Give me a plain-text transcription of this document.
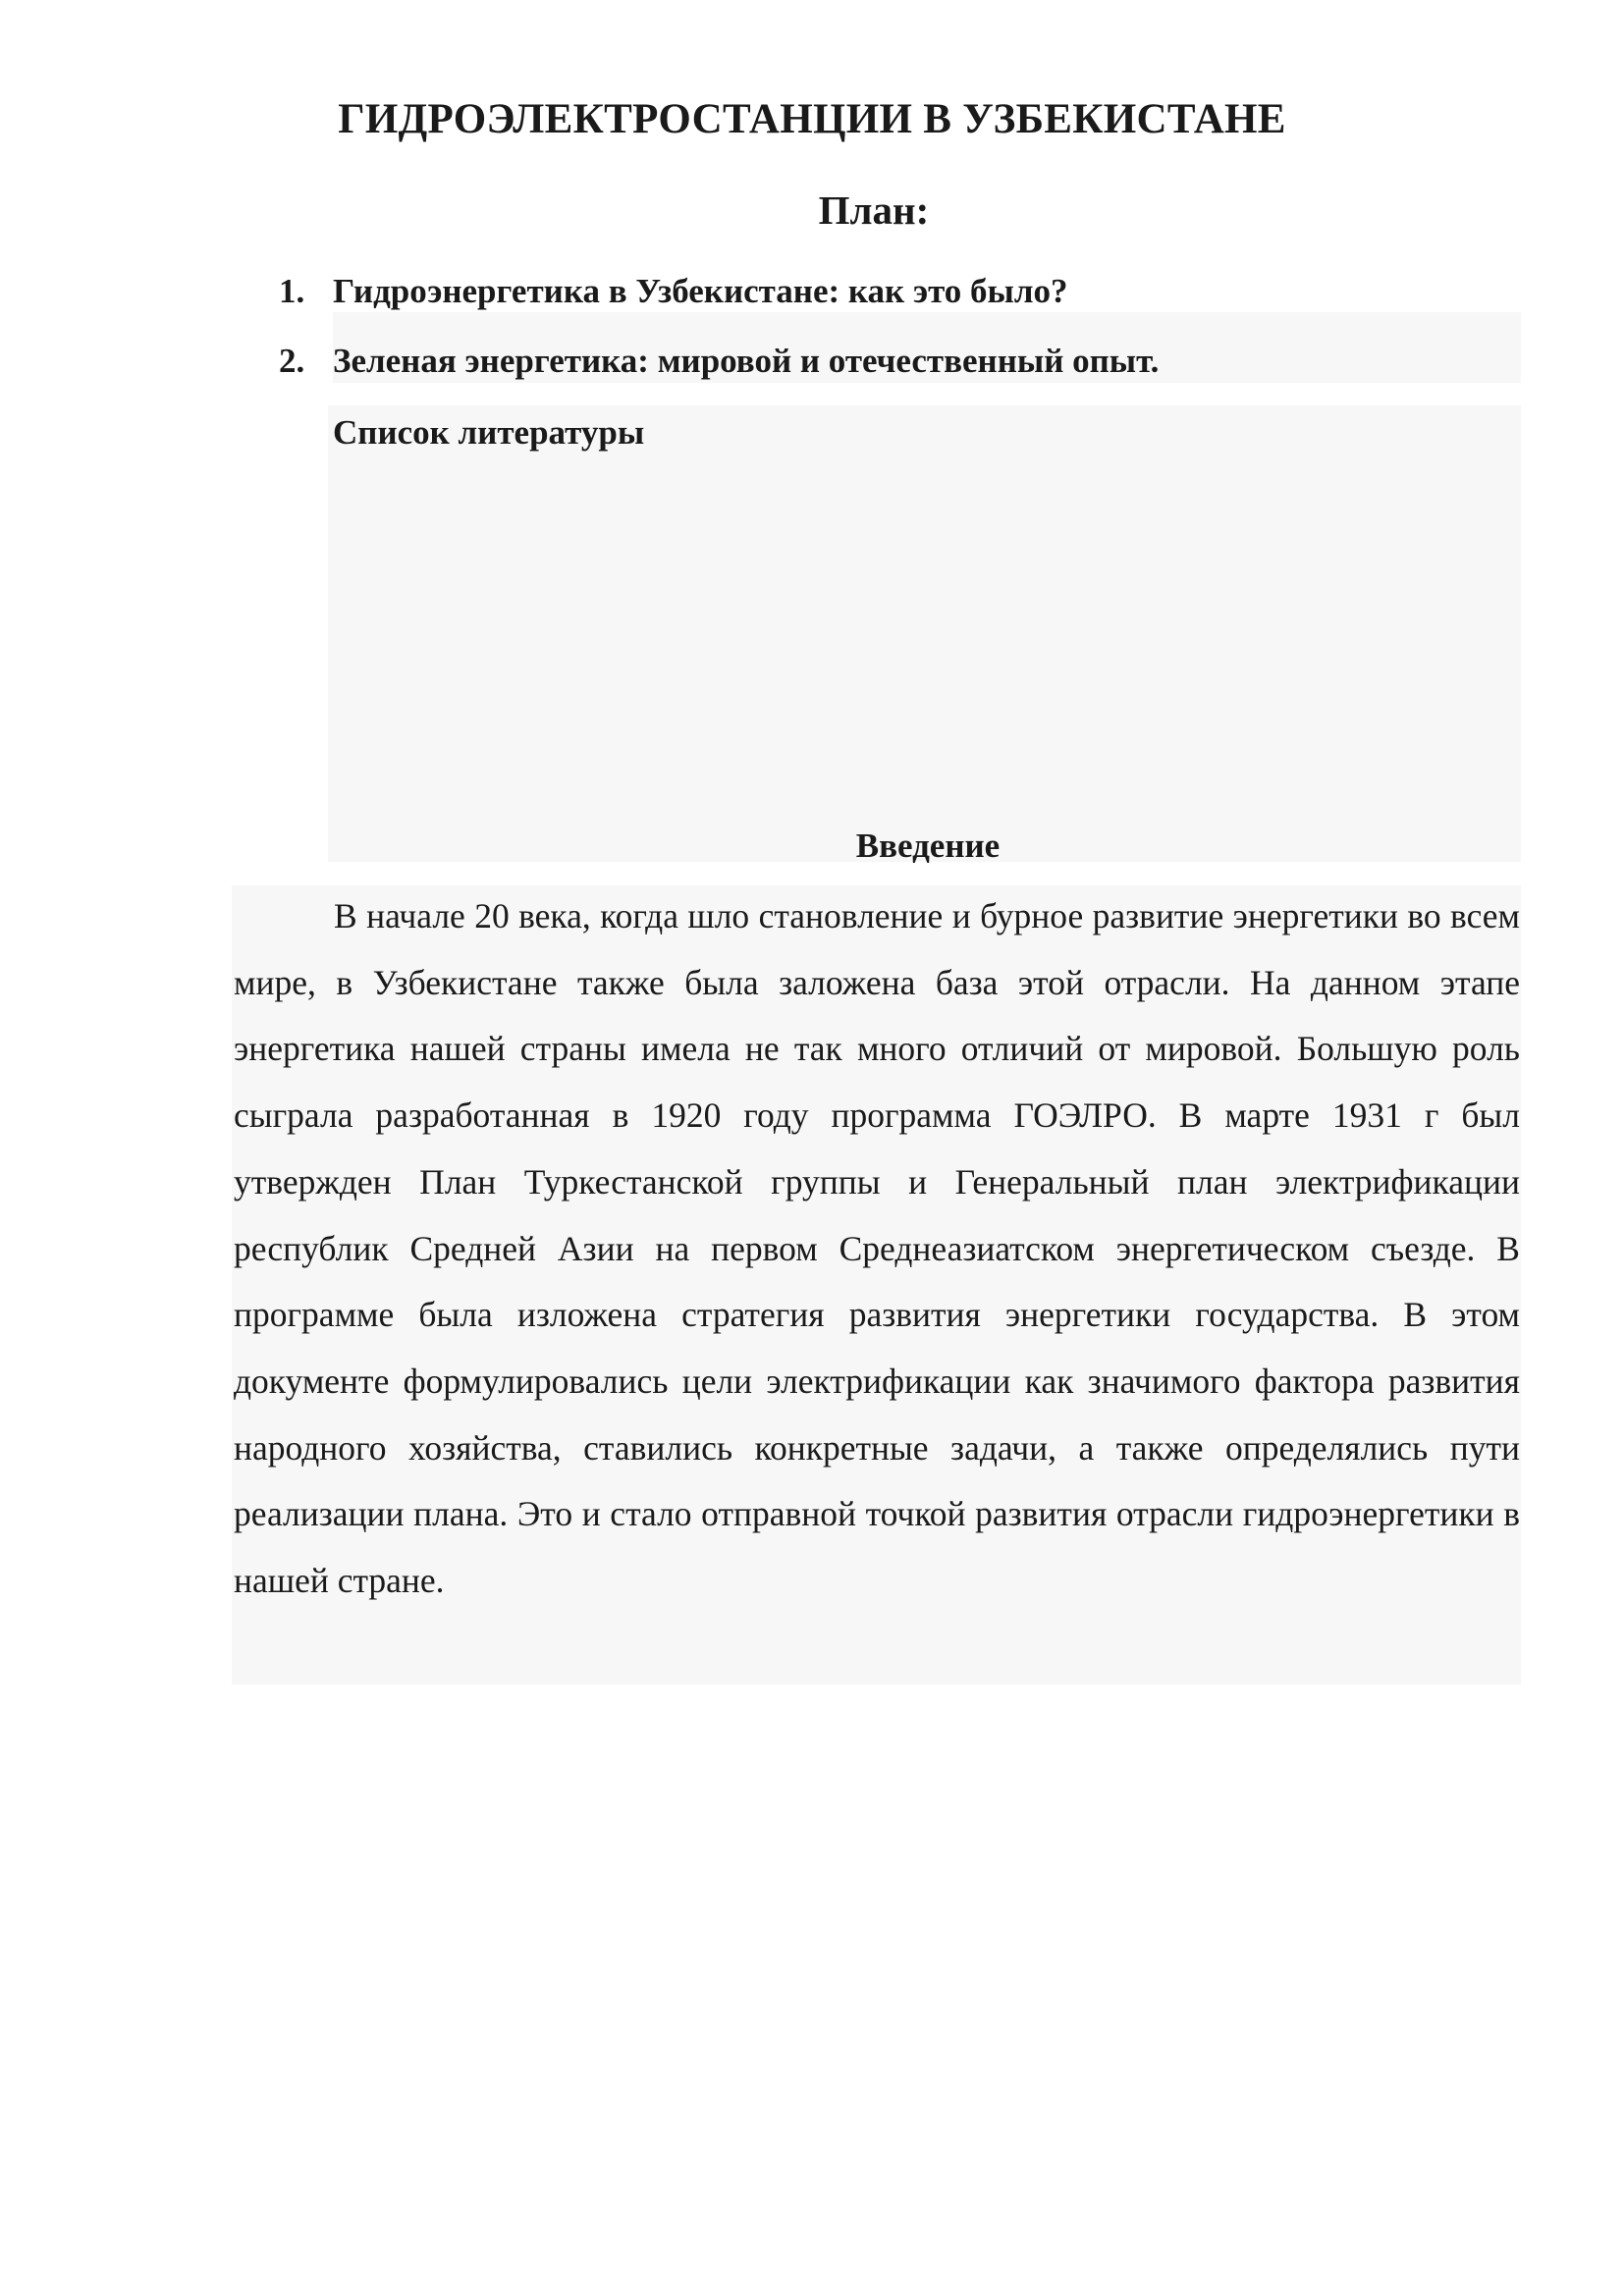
ГИДРОЭЛЕКТРОСТАНЦИИ В УЗБЕКИСТАНЕ
План:
1. Гидроэнергетика в Узбекистане: как это было?
2. Зеленая энергетика: мировой и отечественный опыт.
Список литературы
Введение

В начале 20 века, когда шло становление и бурное развитие энергетики во всем мире, в Узбекистане также была заложена база этой отрасли. На данном этапе энергетика нашей страны имела не так много отличий от мировой. Большую роль сыграла разработанная в 1920 году программа ГОЭЛРО. В марте 1931 г был утвержден План Туркестанской группы и Генеральный план электрификации республик Средней Азии на первом Среднеазиатском энергетическом съезде. В программе была изложена стратегия развития энергетики государства. В этом документе формулировались цели электрификации как значимого фактора развития народного хозяйства, ставились конкретные задачи, а также определялись пути реализации плана. Это и стало отправной точкой развития отрасли гидроэнергетики в нашей стране.
